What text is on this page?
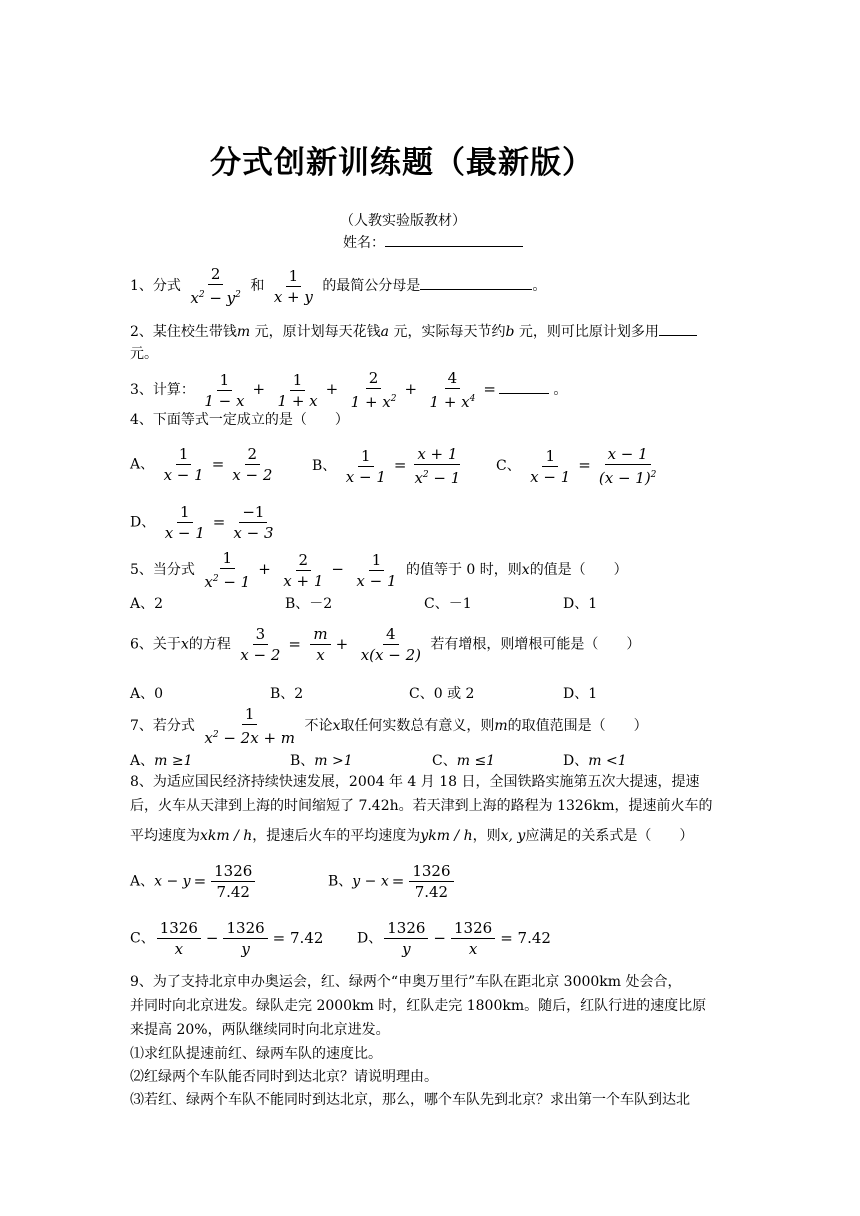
分式创新训练题（最新版）
（人教实验版教材）
姓名：
1、分式 $\frac{2}{x^2 - y^2}$ 和 $\frac{1}{x + y}$ 的最简公分母是	。
2、某住校生带钱m 元，原计划每天花钱a 元，实际每天节约b 元，则可比原计划多用
元。
3、计算： $\frac{1}{1 - x} + \frac{1}{1 + x} + \frac{2}{1 + x^2} + \frac{4}{1 + x^4}$ =	。
4、下面等式一定成立的是（　　）
A、 $\frac{1}{x - 1} = \frac{2}{x - 2}$	B、 $\frac{1}{x - 1} = \frac{x + 1}{x^2 - 1}$ C、 $\frac{1}{x - 1} = \frac{x - 1}{(x - 1)^2}$
D、 $\frac{1}{x - 1} = \frac{-1}{x - 3}$
5、当分式 $\frac{1}{x^2 - 1} + \frac{2}{x + 1} - \frac{1}{x - 1}$ 的值等于 0 时，则x的值是（　　）
A、2	B、－2	C、－1	D、1
6、关于x的方程 $\frac{3}{x - 2} = \frac{m}{x} + \frac{4}{x(x - 2)}$ 若有增根，则增根可能是（　　）
A、0	B、2	C、0 或 2	D、1
7、若分式 $\frac{1}{x^2 - 2x + m}$ 不论x取任何实数总有意义，则m的取值范围是（　　）
A、m ≥1	B、m >1	C、m ≤1	D、m <1
8、为适应国民经济持续快速发展，2004 年 4 月 18 日，全国铁路实施第五次大提速，提速
后，火车从天津到上海的时间缩短了 7.42h。若天津到上海的路程为 1326km，提速前火车的
平均速度为xkm / h，提速后火车的平均速度为ykm / h，则x, y应满足的关系式是（　　）
A、$x - y = \frac{1326}{7.42}$	B、$y - x = \frac{1326}{7.42}$
C、 $\frac{1326}{x} - \frac{1326}{y} = 7.42$ D、 $\frac{1326}{y} - \frac{1326}{x} = 7.42$
9、为了支持北京申办奥运会，红、绿两个“申奥万里行”车队在距北京 3000km 处会合，
并同时向北京进发。绿队走完 2000km 时，红队走完 1800km。随后，红队行进的速度比原
来提高 20%，两队继续同时向北京进发。
⑴求红队提速前红、绿两车队的速度比。
⑵红绿两个车队能否同时到达北京？请说明理由。
⑶若红、绿两个车队不能同时到达北京，那么，哪个车队先到北京？求出第一个车队到达北
